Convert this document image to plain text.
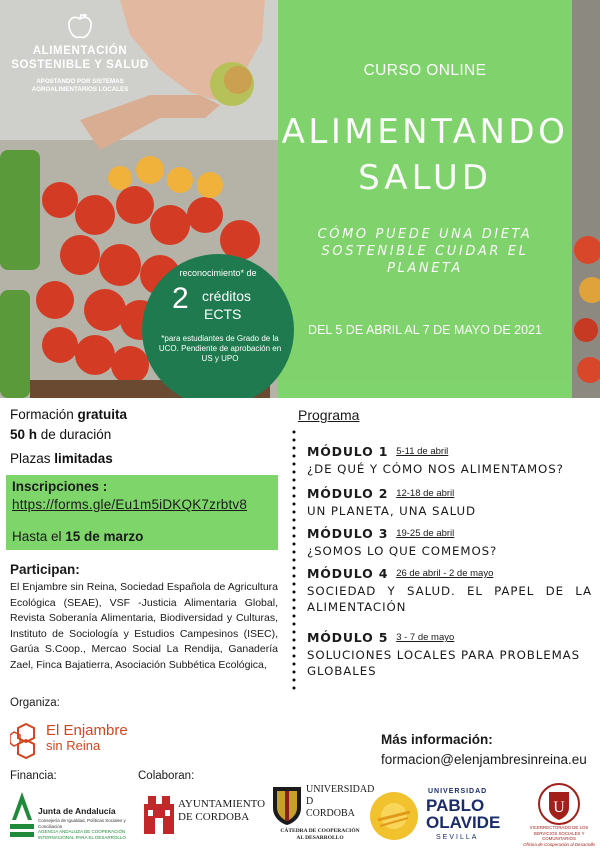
ALIMENTACIÓN
SOSTENIBLE Y SALUD
APOSTANDO POR SISTEMAS
AGROALIMENTARIOS LOCALES
CURSO ONLINE
ALIMENTANDO
SALUD
CÓMO PUEDE UNA DIETA SOSTENIBLE CUIDAR EL PLANETA
DEL 5 DE ABRIL AL 7 DE MAYO DE 2021
reconocimiento* de
2 créditos
ECTS
*para estudiantes de Grado de la UCO. Pendiente de aprobación en US y UPO
Formación gratuita
50 h de duración
Plazas limitadas
Inscripciones :
https://forms.gle/Eu1m5iDKQK7zrbtv8
Hasta el 15 de marzo
Participan:
El Enjambre sin Reina, Sociedad Española de Agricultura Ecológica (SEAE), VSF -Justicia Alimentaria Global, Revista Soberanía Alimentaria, Biodiversidad y Culturas, Instituto de Sociología y Estudios Campesinos (ISEC), Garúa S.Coop., Mercao Social La Rendija, Ganadería Zael, Finca Bajatierra, Asociación Subbética Ecológica,
Organiza:
El Enjambre
sin Reina
Programa
MÓDULO 1 5-11 de abril
¿DE QUÉ Y CÓMO NOS ALIMENTAMOS?
MÓDULO 2 12-18 de abril
UN PLANETA, UNA SALUD
MÓDULO 3 19-25 de abril
¿SOMOS LO QUE COMEMOS?
MÓDULO 4 26 de abril - 2 de mayo
SOCIEDAD Y SALUD. EL PAPEL DE LA ALIMENTACIÓN
MÓDULO 5 3 - 7 de mayo
SOLUCIONES LOCALES PARA PROBLEMAS GLOBALES
Más información:
formacion@elenjambresinreina.eu
Financia:	Colaboran:
Junta de Andalucía
Consejería de Igualdad, Políticas Sociales y Conciliación
AGENCIA ANDALUZA DE COOPERACIÓN INTERNACIONAL PARA EL DESARROLLO
AYUNTAMIENTO
DE CORDOBA
UNIVERSIDAD
D
CORDOBA
CÁTEDRA DE COOPERACIÓN
AL DESARROLLO
UNIVERSIDAD
PABLO
OLAVIDE
SEVILLA
U
VICERRECTORADO DE LOS SERVICIOS SOCIALES Y COMUNITARIOS
Oficina de Cooperación al Desarrollo
